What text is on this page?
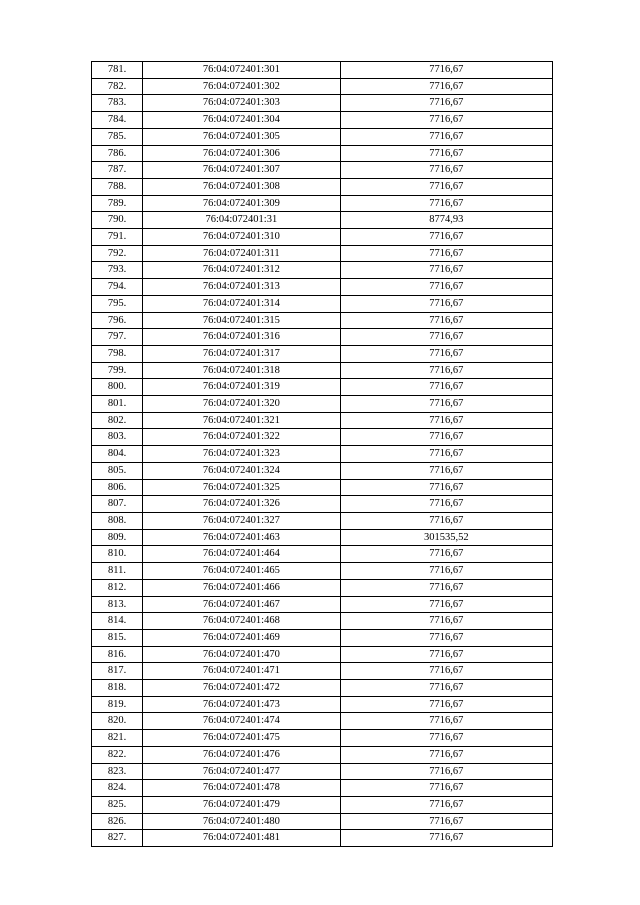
781.	76:04:072401:301	7716,67
782.	76:04:072401:302	7716,67
783.	76:04:072401:303	7716,67
784.	76:04:072401:304	7716,67
785.	76:04:072401:305	7716,67
786.	76:04:072401:306	7716,67
787.	76:04:072401:307	7716,67
788.	76:04:072401:308	7716,67
789.	76:04:072401:309	7716,67
790.	76:04:072401:31	8774,93
791.	76:04:072401:310	7716,67
792.	76:04:072401:311	7716,67
793.	76:04:072401:312	7716,67
794.	76:04:072401:313	7716,67
795.	76:04:072401:314	7716,67
796.	76:04:072401:315	7716,67
797.	76:04:072401:316	7716,67
798.	76:04:072401:317	7716,67
799.	76:04:072401:318	7716,67
800.	76:04:072401:319	7716,67
801.	76:04:072401:320	7716,67
802.	76:04:072401:321	7716,67
803.	76:04:072401:322	7716,67
804.	76:04:072401:323	7716,67
805.	76:04:072401:324	7716,67
806.	76:04:072401:325	7716,67
807.	76:04:072401:326	7716,67
808.	76:04:072401:327	7716,67
809.	76:04:072401:463	301535,52
810.	76:04:072401:464	7716,67
811.	76:04:072401:465	7716,67
812.	76:04:072401:466	7716,67
813.	76:04:072401:467	7716,67
814.	76:04:072401:468	7716,67
815.	76:04:072401:469	7716,67
816.	76:04:072401:470	7716,67
817.	76:04:072401:471	7716,67
818.	76:04:072401:472	7716,67
819.	76:04:072401:473	7716,67
820.	76:04:072401:474	7716,67
821.	76:04:072401:475	7716,67
822.	76:04:072401:476	7716,67
823.	76:04:072401:477	7716,67
824.	76:04:072401:478	7716,67
825.	76:04:072401:479	7716,67
826.	76:04:072401:480	7716,67
827.	76:04:072401:481	7716,67
